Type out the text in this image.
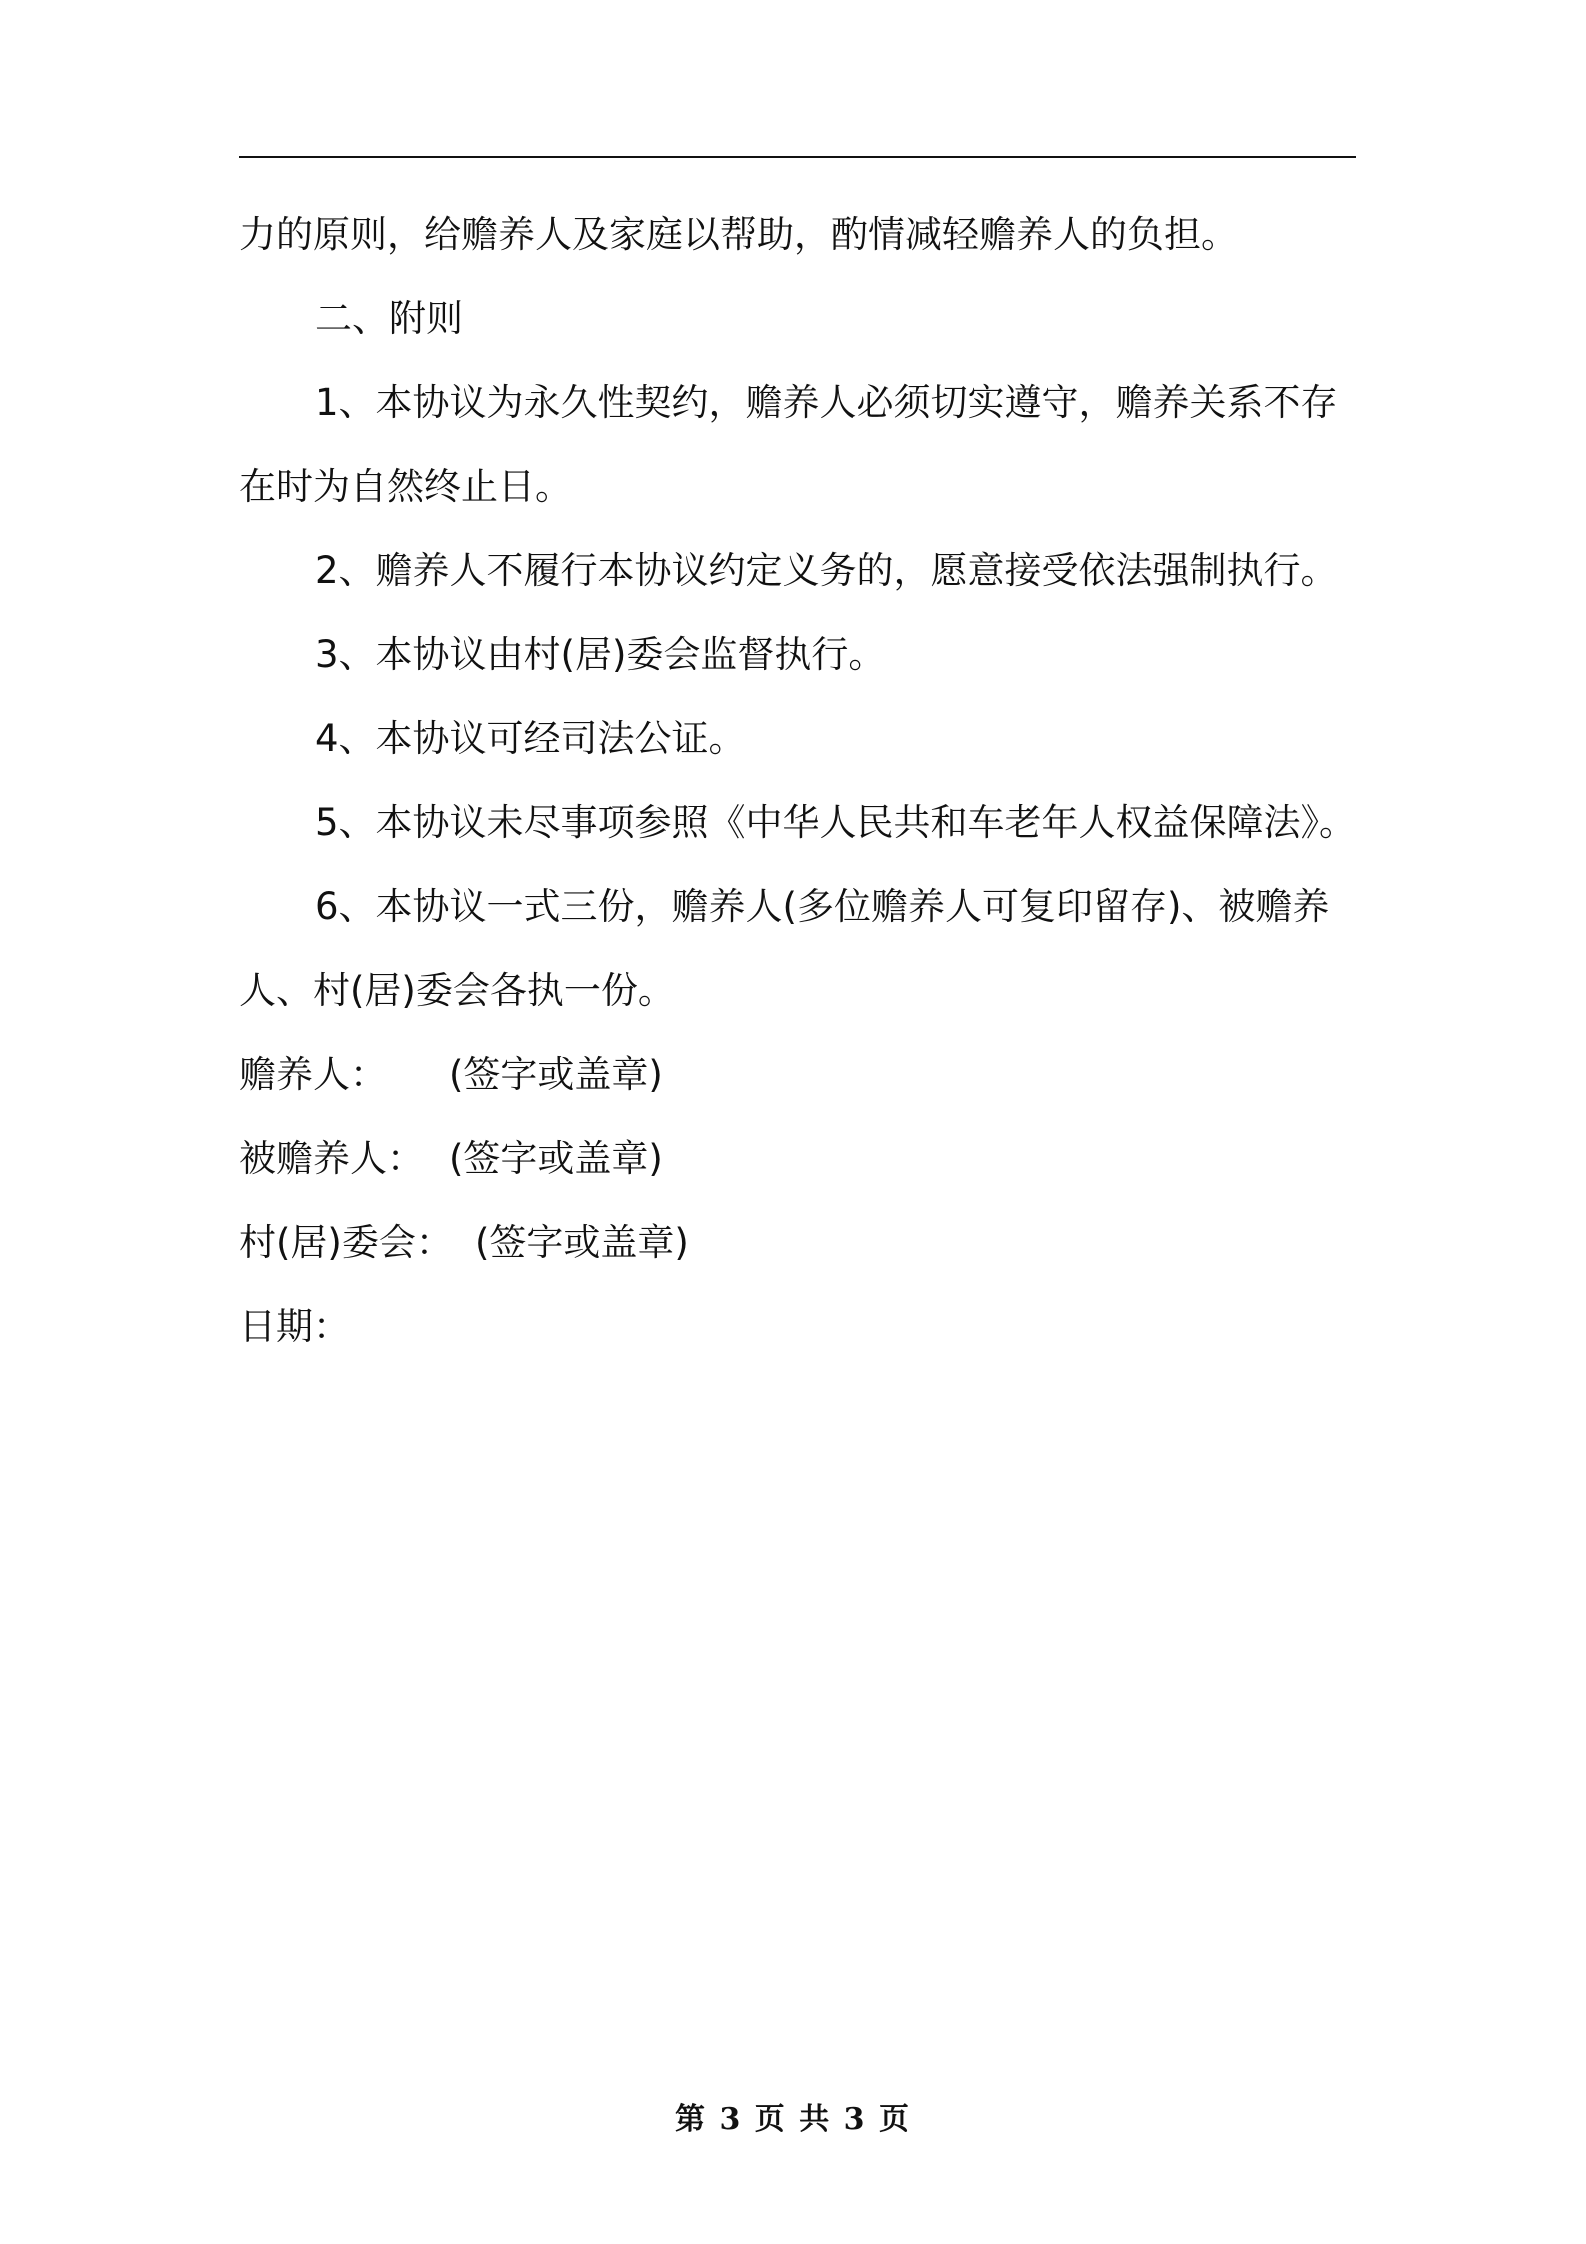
力的原则，给赡养人及家庭以帮助，酌情减轻赡养人的负担。
二、附则
1、本协议为永久性契约，赡养人必须切实遵守，赡养关系不存
在时为自然终止日。
2、赡养人不履行本协议约定义务的，愿意接受依法强制执行。
3、本协议由村(居)委会监督执行。
4、本协议可经司法公证。
5、本协议未尽事项参照《中华人民共和车老年人权益保障法》。
6、本协议一式三份，赡养人(多位赡养人可复印留存)、被赡养
人、村(居)委会各执一份。
赡养人：	(签字或盖章)
被赡养人： (签字或盖章)
村(居)委会： (签字或盖章)
日期：
第 3 页 共 3 页
